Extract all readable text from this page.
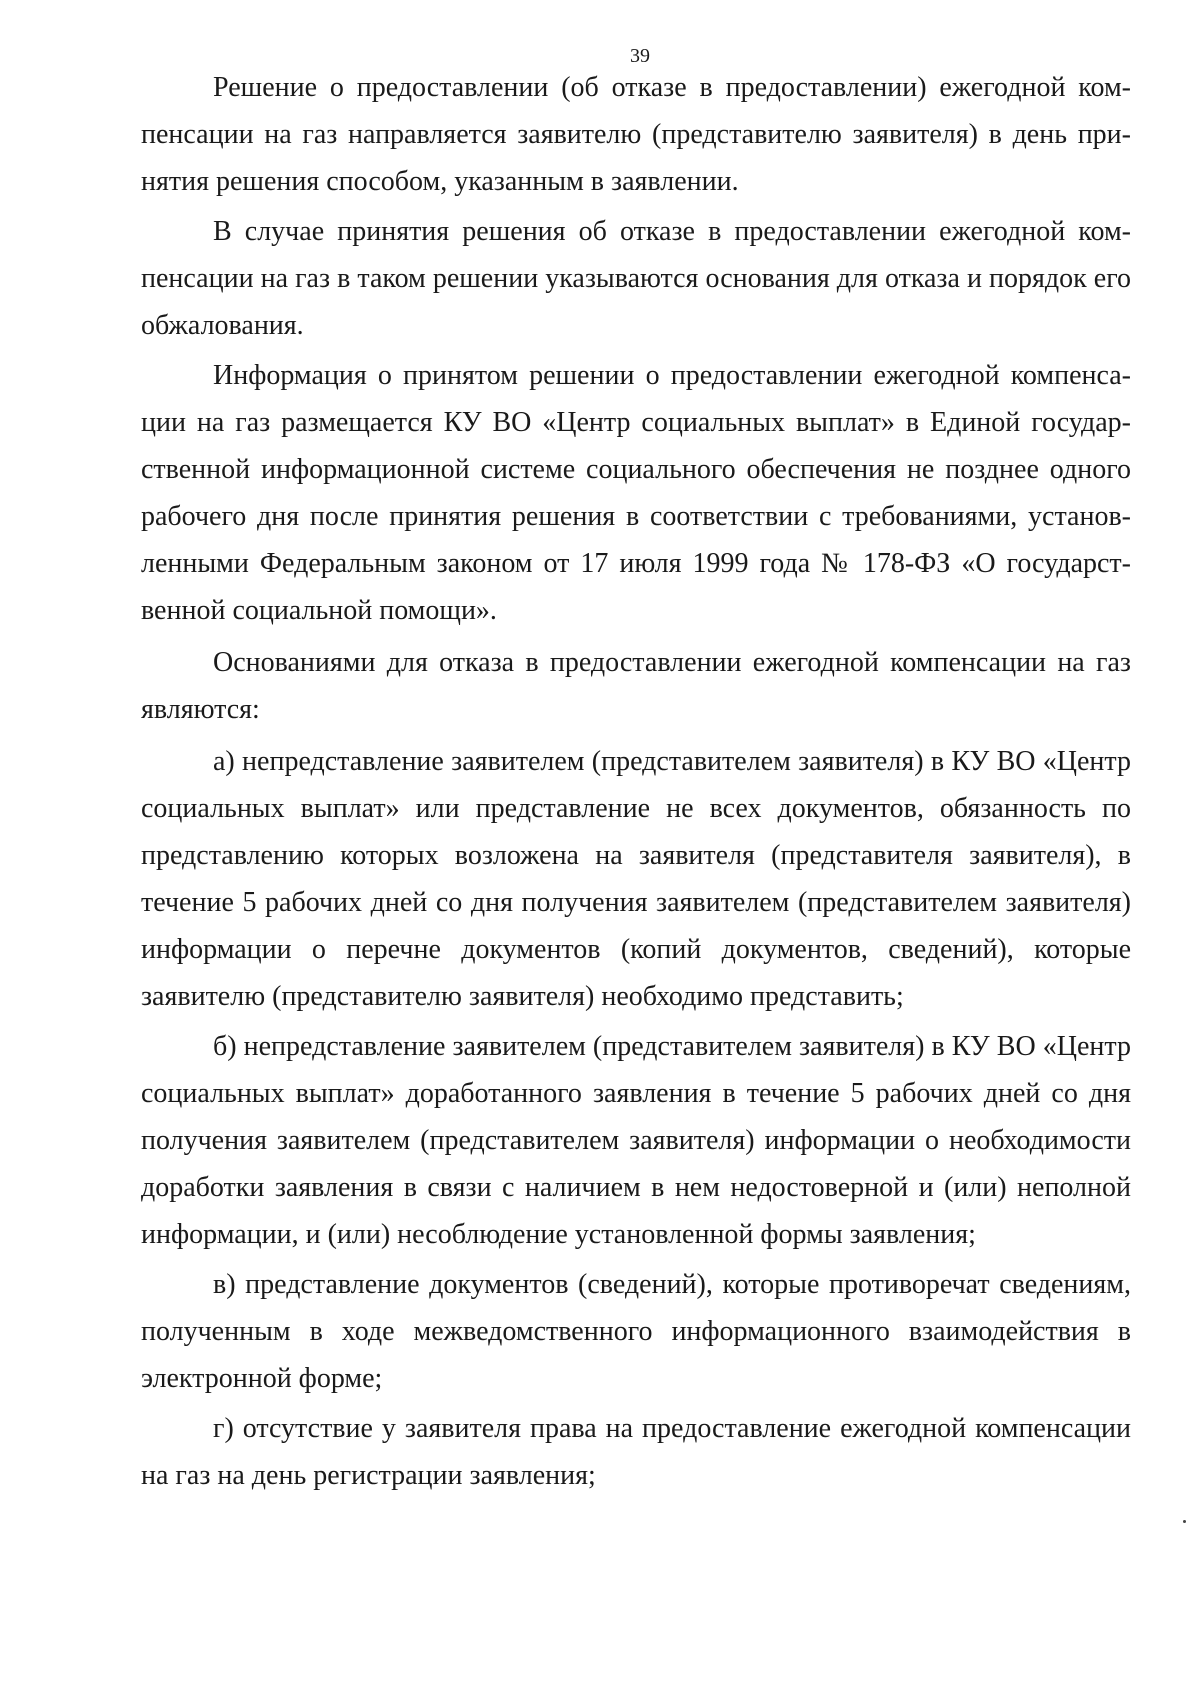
39

Решение о предоставлении (об отказе в предоставлении) ежегодной компенсации на газ направляется заявителю (представителю заявителя) в день принятия решения способом, указанным в заявлении.

В случае принятия решения об отказе в предоставлении ежегодной компенсации на газ в таком решении указываются основания для отказа и порядок его обжалования.

Информация о принятом решении о предоставлении ежегодной компенсации на газ размещается КУ ВО «Центр социальных выплат» в Единой государственной информационной системе социального обеспечения не позднее одного рабочего дня после принятия решения в соответствии с требованиями, установленными Федеральным законом от 17 июля 1999 года № 178-ФЗ «О государственной социальной помощи».

Основаниями для отказа в предоставлении ежегодной компенсации на газ являются:

а) непредставление заявителем (представителем заявителя) в КУ ВО «Центр социальных выплат» или представление не всех документов, обязанность по представлению которых возложена на заявителя (представителя заявителя), в течение 5 рабочих дней со дня получения заявителем (представителем заявителя) информации о перечне документов (копий документов, сведений), которые заявителю (представителю заявителя) необходимо представить;

б) непредставление заявителем (представителем заявителя) в КУ ВО «Центр социальных выплат» доработанного заявления в течение 5 рабочих дней со дня получения заявителем (представителем заявителя) информации о необходимости доработки заявления в связи с наличием в нем недостоверной и (или) неполной информации, и (или) несоблюдение установленной формы заявления;

в) представление документов (сведений), которые противоречат сведениям, полученным в ходе межведомственного информационного взаимодействия в электронной форме;

г) отсутствие у заявителя права на предоставление ежегодной компенсации на газ на день регистрации заявления;
